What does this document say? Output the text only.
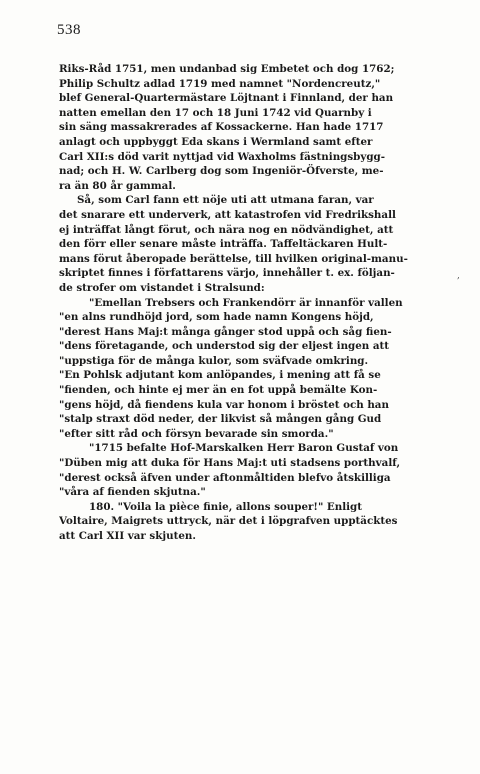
538
Riks-Råd 1751, men undanbad sig Embetet och dog 1762;
Philip Schultz adlad 1719 med namnet "Nordencreutz,"
blef General-Quartermästare Löjtnant i Finnland, der han
natten emellan den 17 och 18 Juni 1742 vid Quarnby i
sin säng massakrerades af Kossackerne. Han hade 1717
anlagt och uppbyggt Eda skans i Wermland samt efter
Carl XII:s död varit nyttjad vid Waxholms fästningsbygg-
nad; och H. W. Carlberg dog som Ingeniör-Öfverste, me-
ra än 80 år gammal.
Så, som Carl fann ett nöje uti att utmana faran, var
det snarare ett underverk, att katastrofen vid Fredrikshall
ej inträffat långt förut, och nära nog en nödvändighet, att
den förr eller senare måste inträffa. Taffeltäckaren Hult-
mans förut åberopade berättelse, till hvilken original-manu-
skriptet finnes i författarens värjo, innehåller t. ex. följan-
de strofer om vistandet i Stralsund:
"Emellan Trebsers och Frankendörr är innanför vallen
"en alns rundhöjd jord, som hade namn Kongens höjd,
"derest Hans Maj:t många gånger stod uppå och såg fien-
"dens företagande, och understod sig der eljest ingen att
"uppstiga för de många kulor, som sväfvade omkring.
"En Pohlsk adjutant kom anlöpandes, i mening att få se
"fienden, och hinte ej mer än en fot uppå bemälte Kon-
"gens höjd, då fiendens kula var honom i bröstet och han
"stalp straxt död neder, der likvist så mången gång Gud
"efter sitt råd och försyn bevarade sin smorda."
"1715 befalte Hof-Marskalken Herr Baron Gustaf von
"Düben mig att duka för Hans Maj:t uti stadsens porthvalf,
"derest också äfven under aftonmåltiden blefvo åtskilliga
"våra af fienden skjutna."
180. "Voila la pièce finie, allons souper!" Enligt
Voltaire, Maigrets uttryck, när det i löpgrafven upptäcktes
att Carl XII var skjuten.
,
